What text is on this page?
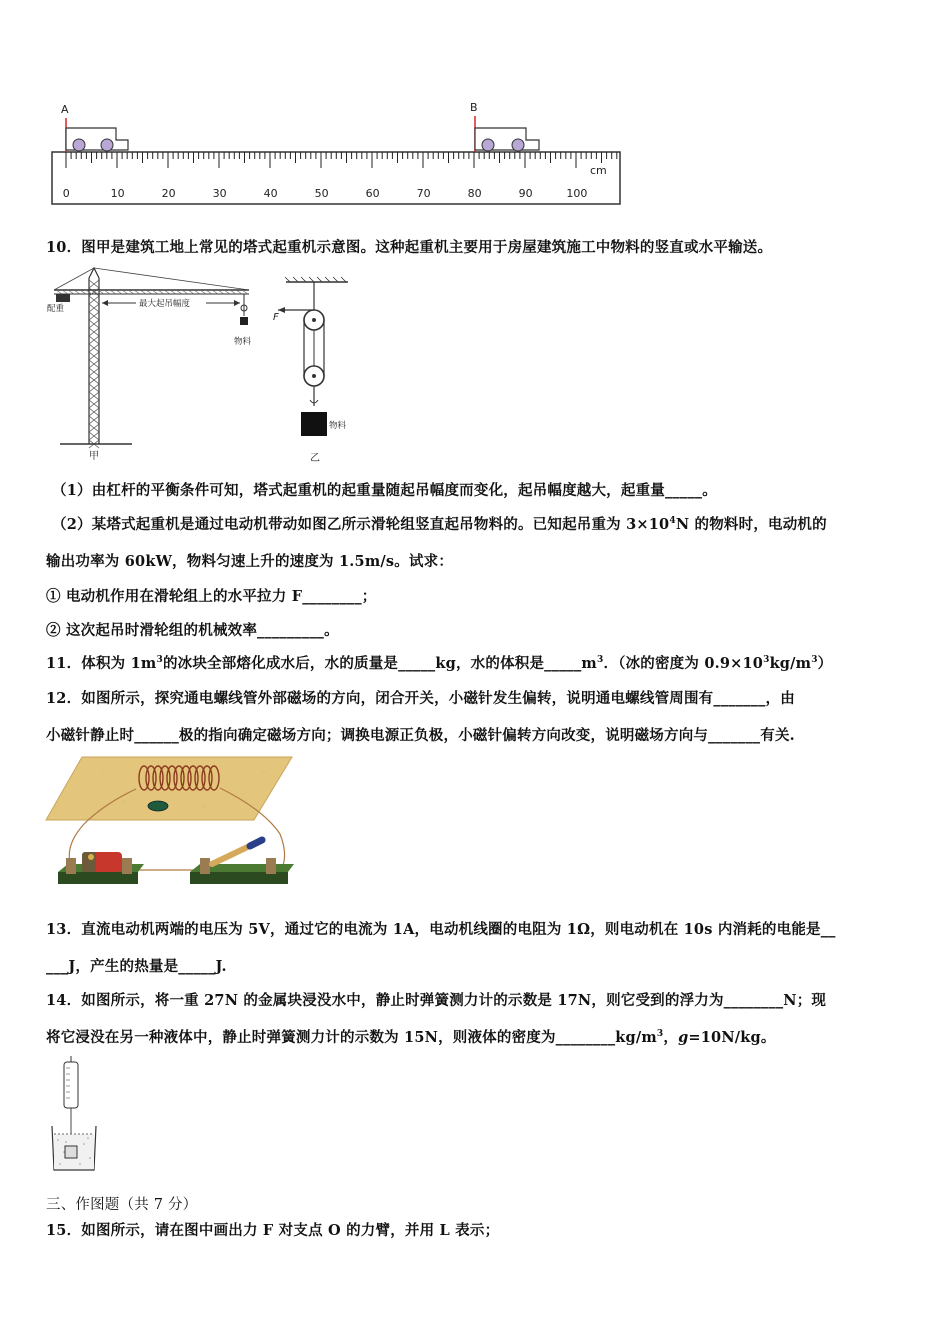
0	10	20	30	40	50	60	70	80	90	100
cm
A	B
10．图甲是建筑工地上常见的塔式起重机示意图。这种起重机主要用于房屋建筑施工中物料的竖直或水平输送。
配重	最大起吊幅度
物料
甲
F
物料
乙
（1）由杠杆的平衡条件可知，塔式起重机的起重量随起吊幅度而变化，起吊幅度越大，起重量_____。
（2）某塔式起重机是通过电动机带动如图乙所示滑轮组竖直起吊物料的。已知起吊重为 $3\times 10^4N$ 的物料时，电动机的
输出功率为 60kW，物料匀速上升的速度为 1.5m/s。试求：
① 电动机作用在滑轮组上的水平拉力 F________；
② 这次起吊时滑轮组的机械效率_________。
11．体积为 $1m^3$的冰块全部熔化成水后，水的质量是_____kg，水的体积是$\_\_\_\_\_m^3$．（冰的密度为 $0.9\times 10^3kg/m^3$）
12．如图所示，探究通电螺线管外部磁场的方向，闭合开关，小磁针发生偏转，说明通电螺线管周围有_______，由
小磁针静止时______极的指向确定磁场方向；调换电源正负极，小磁针偏转方向改变，说明磁场方向与_______有关.
13．直流电动机两端的电压为 5V，通过它的电流为 1A，电动机线圈的电阻为 1Ω，则电动机在 10s 内消耗的电能是__
___J，产生的热量是_____J.
14．如图所示，将一重 27N 的金属块浸没水中，静止时弹簧测力计的示数是 17N，则它受到的浮力为________N；现
将它浸没在另一种液体中，静止时弹簧测力计的示数为 15N，则液体的密度为$\_\_\_\_\_\_\_\_kg/m^3$，g=10N/kg。
三、作图题（共 7 分）
15．如图所示，请在图中画出力 F 对支点 O 的力臂，并用 L 表示；
